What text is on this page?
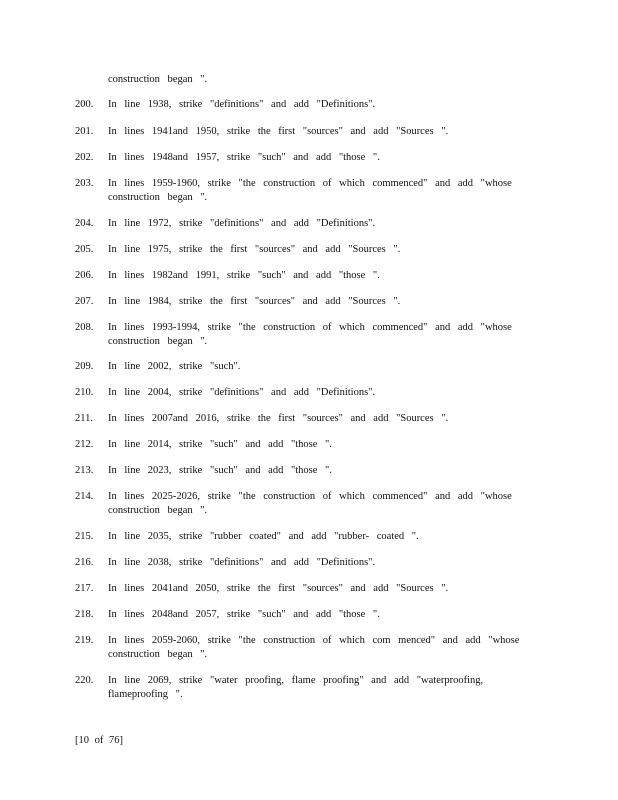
construction began ".
200. In line 1938, strike "definitions" and add "Definitions".
201. In lines 1941and 1950, strike the first "sources" and add "Sources ".
202. In lines 1948and 1957, strike "such" and add "those ".
203. In lines 1959-1960, strike "the construction of which commenced" and add "whose
construction began ".
204. In line 1972, strike "definitions" and add "Definitions".
205. In line 1975, strike the first "sources" and add "Sources ".
206. In lines 1982and 1991, strike "such" and add "those ".
207. In line 1984, strike the first "sources" and add "Sources ".
208. In lines 1993-1994, strike "the construction of which commenced" and add "whose
construction began ".
209. In line 2002, strike "such".
210. In line 2004, strike "definitions" and add "Definitions".
211. In lines 2007and 2016, strike the first "sources" and add "Sources ".
212. In line 2014, strike "such" and add "those ".
213. In line 2023, strike "such" and add "those ".
214. In lines 2025-2026, strike "the construction of which commenced" and add "whose
construction began ".
215. In line 2035, strike "rubber coated" and add "rubber- coated ".
216. In line 2038, strike "definitions" and add "Definitions".
217. In lines 2041and 2050, strike the first "sources" and add "Sources ".
218. In lines 2048and 2057, strike "such" and add "those ".
219. In lines 2059-2060, strike "the construction of which com menced" and add "whose
construction began ".
220. In line 2069, strike "water proofing, flame proofing" and add "waterproofing,
flameproofing ".
[10 of 76]
